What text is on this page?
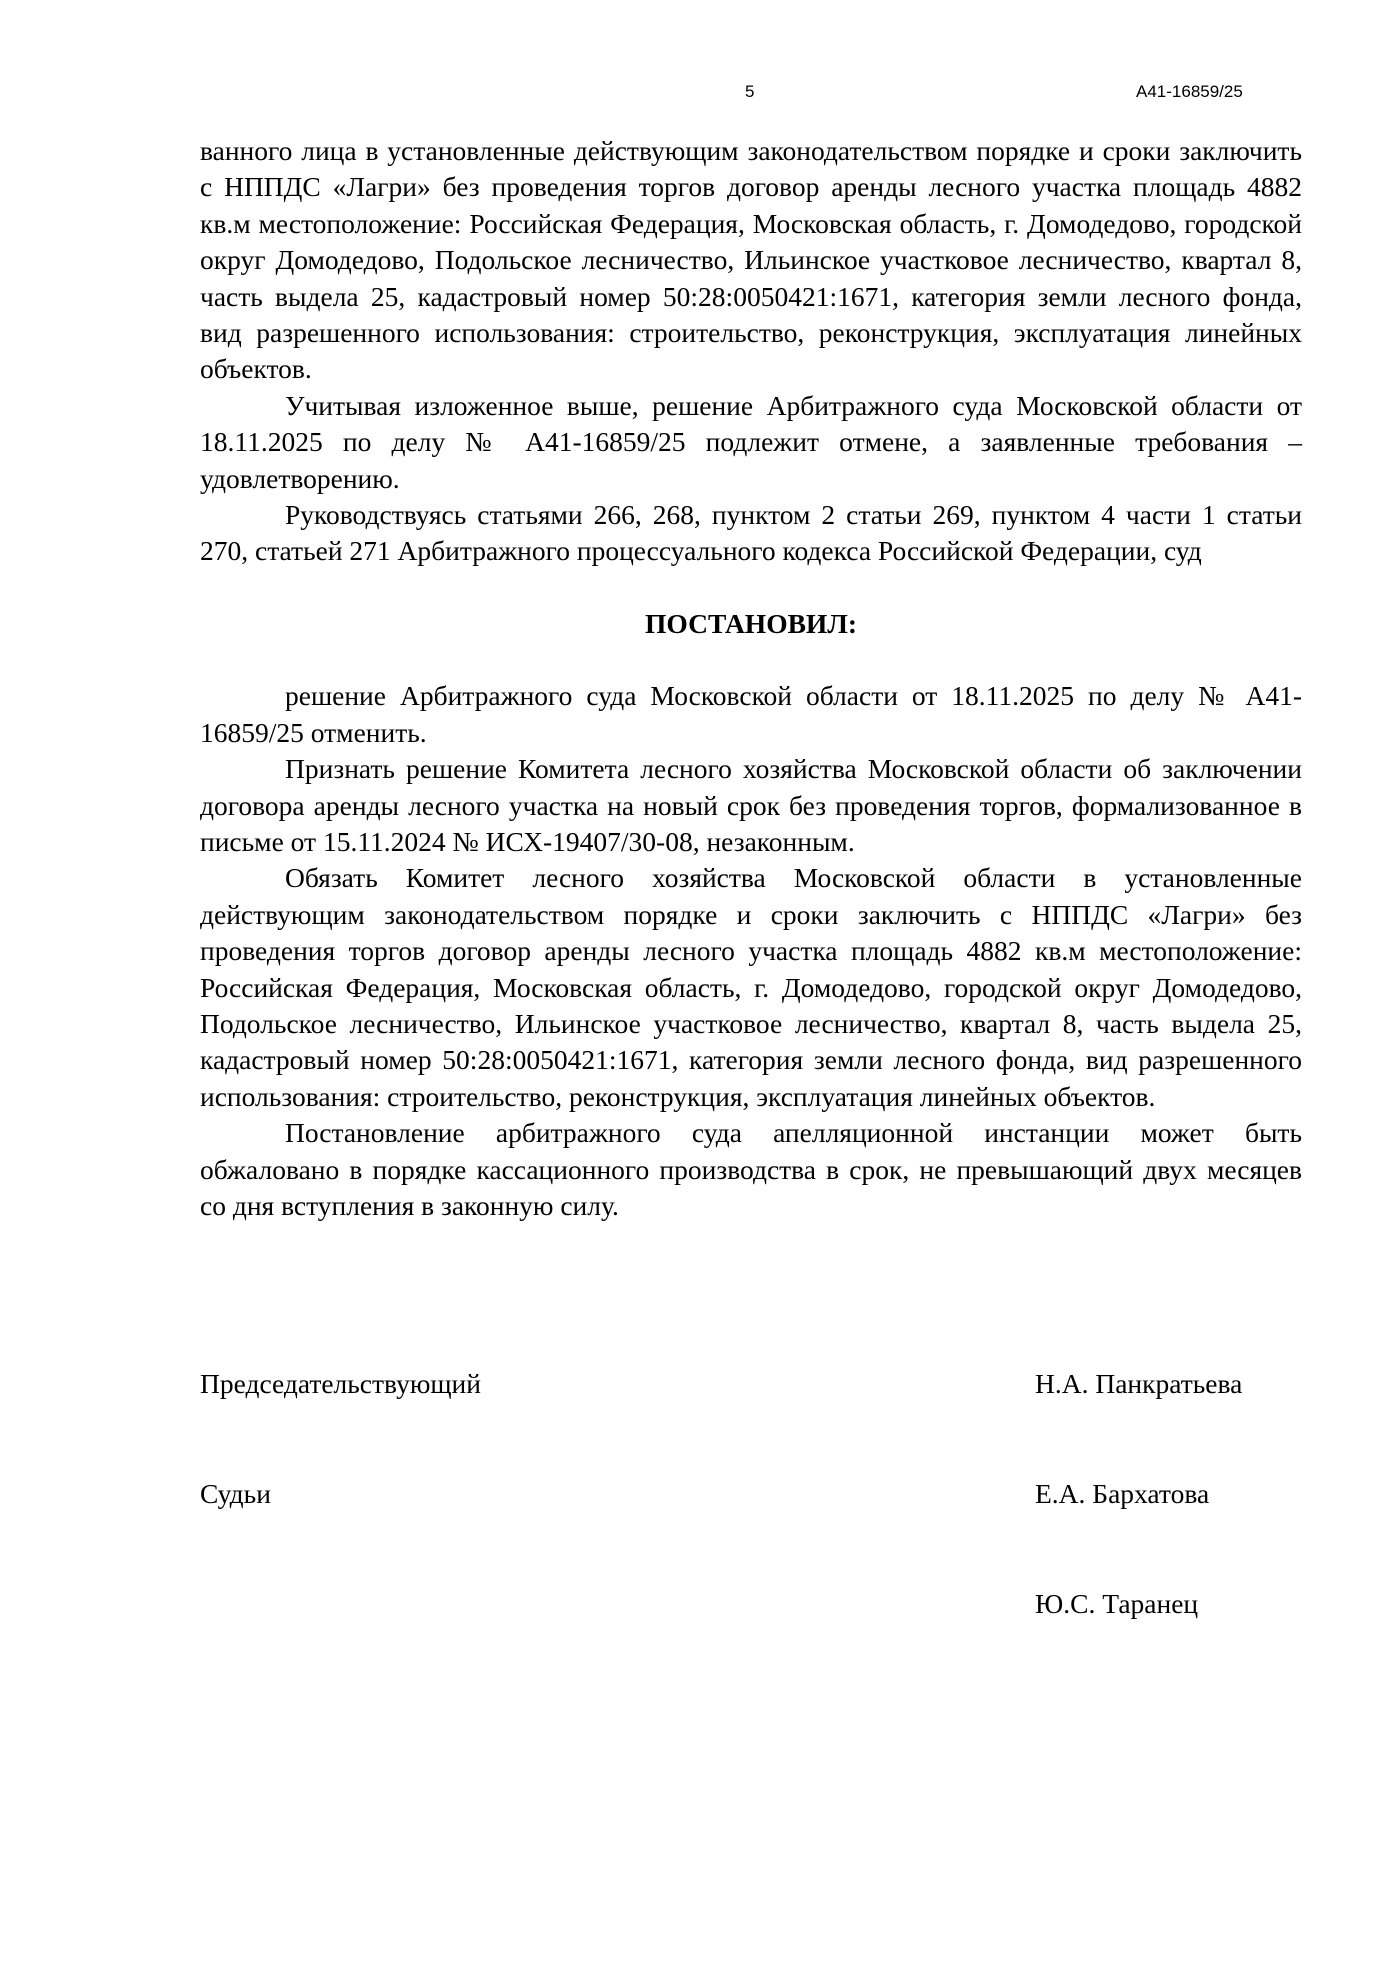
5	А41-16859/25

ванного лица в установленные действующим законодательством порядке и сроки заключить с НППДС «Лагри» без проведения торгов договор аренды лесного участка площадь 4882 кв.м местоположение: Российская Федерация, Московская область, г. Домодедово, городской округ Домодедово, Подольское лесничество, Ильинское участковое лесничество, квартал 8, часть выдела 25, кадастровый номер 50:28:0050421:1671, категория земли лесного фонда, вид разрешенного использования: строительство, реконструкция, эксплуатация линейных объектов.

Учитывая изложенное выше, решение Арбитражного суда Московской области от 18.11.2025 по делу № А41-16859/25 подлежит отмене, а заявленные требования – удовлетворению.

Руководствуясь статьями 266, 268, пунктом 2 статьи 269, пунктом 4 части 1 статьи 270, статьей 271 Арбитражного процессуального кодекса Российской Федерации, суд

ПОСТАНОВИЛ:

решение Арбитражного суда Московской области от 18.11.2025 по делу № А41-16859/25 отменить.

Признать решение Комитета лесного хозяйства Московской области об заключении договора аренды лесного участка на новый срок без проведения торгов, формализованное в письме от 15.11.2024 № ИСХ-19407/30-08, незаконным.

Обязать Комитет лесного хозяйства Московской области в установленные действующим законодательством порядке и сроки заключить с НППДС «Лагри» без проведения торгов договор аренды лесного участка площадь 4882 кв.м местоположение: Российская Федерация, Московская область, г. Домодедово, городской округ Домодедово, Подольское лесничество, Ильинское участковое лесничество, квартал 8, часть выдела 25, кадастровый номер 50:28:0050421:1671, категория земли лесного фонда, вид разрешенного использования: строительство, реконструкция, эксплуатация линейных объектов.

Постановление арбитражного суда апелляционной инстанции может быть обжаловано в порядке кассационного производства в срок, не превышающий двух месяцев со дня вступления в законную силу.

Председательствующий	Н.А. Панкратьева
Судьи	Е.А. Бархатова
Ю.С. Таранец
